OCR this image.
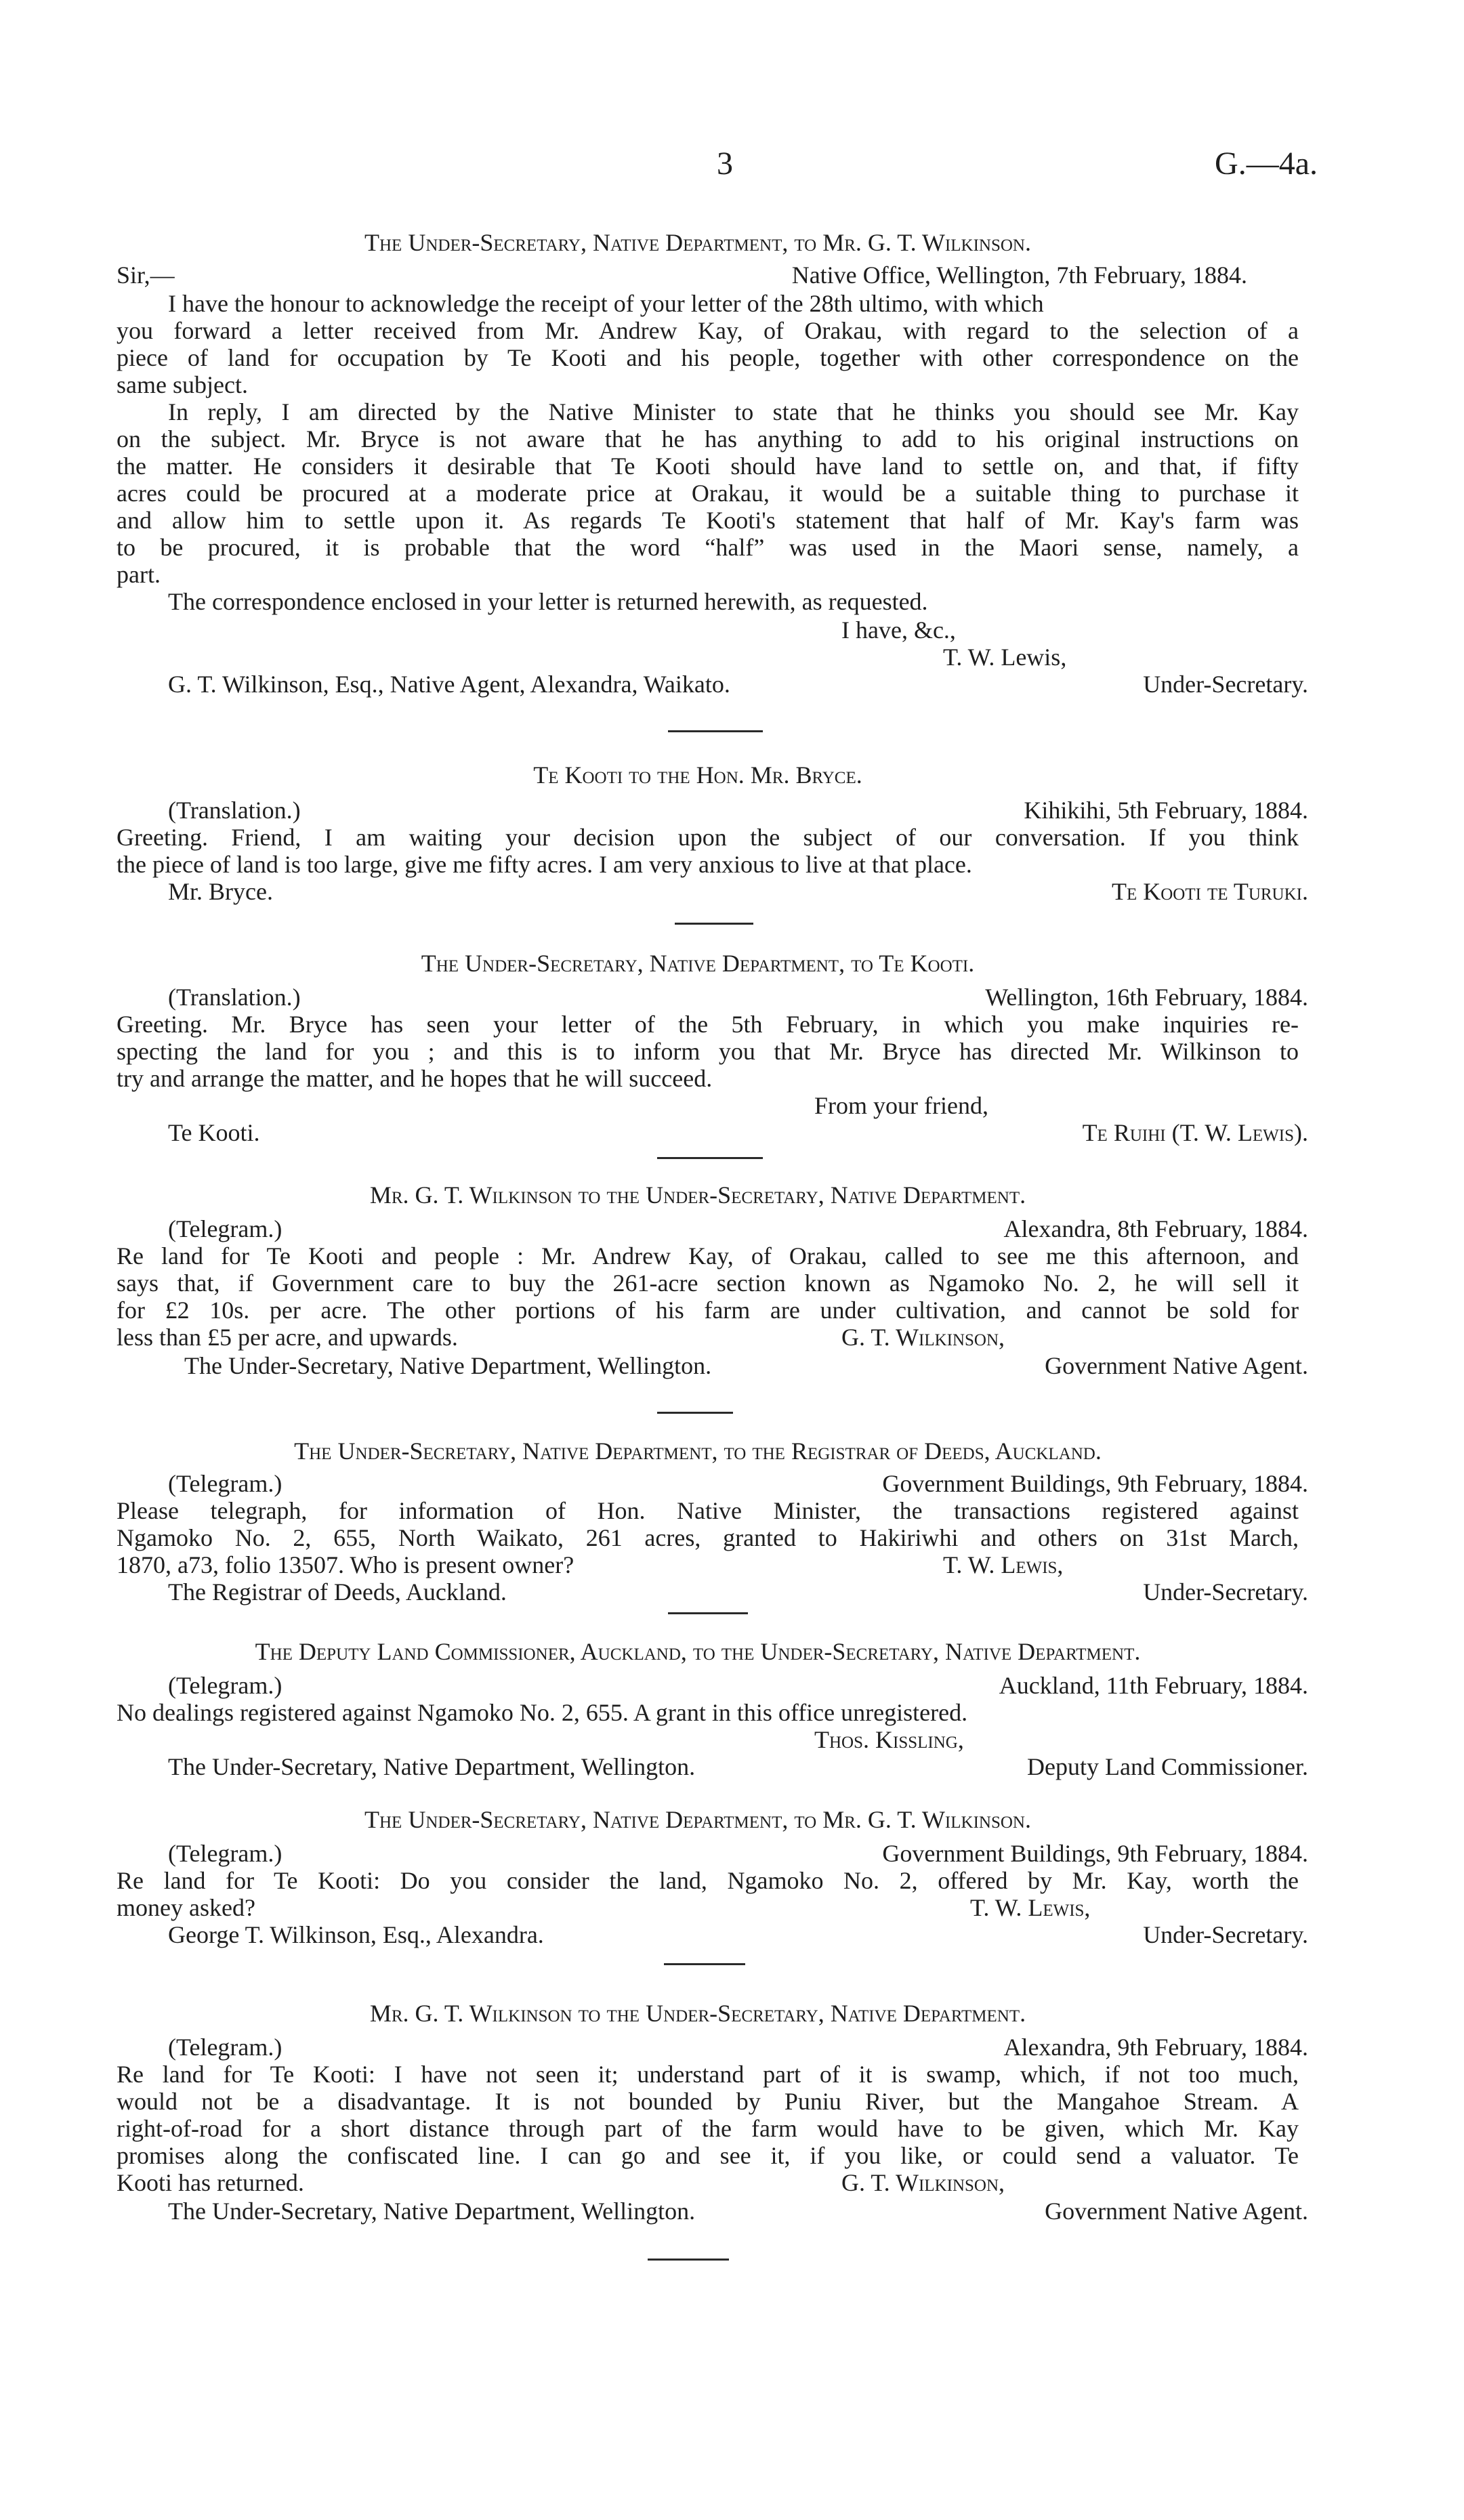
3	G.—4a.
The Under-Secretary, Native Department, to Mr. G. T. Wilkinson.
Sir,—	Native Office, Wellington, 7th February, 1884.
I have the honour to acknowledge the receipt of your letter of the 28th ultimo, with which
you forward a letter received from Mr. Andrew Kay, of Orakau, with regard to the selection of a
piece of land for occupation by Te Kooti and his people, together with other correspondence on the
same subject.
In reply, I am directed by the Native Minister to state that he thinks you should see Mr. Kay
on the subject. Mr. Bryce is not aware that he has anything to add to his original instructions on
the matter. He considers it desirable that Te Kooti should have land to settle on, and that, if fifty
acres could be procured at a moderate price at Orakau, it would be a suitable thing to purchase it
and allow him to settle upon it. As regards Te Kooti's statement that half of Mr. Kay's farm was
to be procured, it is probable that the word “half” was used in the Maori sense, namely, a
part.
The correspondence enclosed in your letter is returned herewith, as requested.
I have, &c.,
T. W. Lewis,
G. T. Wilkinson, Esq., Native Agent, Alexandra, Waikato.	Under-Secretary.
Te Kooti to the Hon. Mr. Bryce.
(Translation.)	Kihikihi, 5th February, 1884.
Greeting. Friend, I am waiting your decision upon the subject of our conversation. If you think
the piece of land is too large, give me fifty acres. I am very anxious to live at that place.
Mr. Bryce.	Te Kooti te Turuki.
The Under-Secretary, Native Department, to Te Kooti.
(Translation.)	Wellington, 16th February, 1884.
Greeting. Mr. Bryce has seen your letter of the 5th February, in which you make inquiries re-
specting the land for you ; and this is to inform you that Mr. Bryce has directed Mr. Wilkinson to
try and arrange the matter, and he hopes that he will succeed.
From your friend,
Te Kooti.	Te Ruihi (T. W. Lewis).
Mr. G. T. Wilkinson to the Under-Secretary, Native Department.
(Telegram.)	Alexandra, 8th February, 1884.
Re land for Te Kooti and people : Mr. Andrew Kay, of Orakau, called to see me this afternoon, and
says that, if Government care to buy the 261-acre section known as Ngamoko No. 2, he will sell it
for £2 10s. per acre. The other portions of his farm are under cultivation, and cannot be sold for
less than £5 per acre, and upwards.	G. T. Wilkinson,
The Under-Secretary, Native Department, Wellington.	Government Native Agent.
The Under-Secretary, Native Department, to the Registrar of Deeds, Auckland.
(Telegram.)	Government Buildings, 9th February, 1884.
Please telegraph, for information of Hon. Native Minister, the transactions registered against
Ngamoko No. 2, 655, North Waikato, 261 acres, granted to Hakiriwhi and others on 31st March,
1870, a73, folio 13507. Who is present owner?	T. W. Lewis,
The Registrar of Deeds, Auckland.	Under-Secretary.
The Deputy Land Commissioner, Auckland, to the Under-Secretary, Native Department.
(Telegram.)	Auckland, 11th February, 1884.
No dealings registered against Ngamoko No. 2, 655. A grant in this office unregistered.
Thos. Kissling,
The Under-Secretary, Native Department, Wellington.	Deputy Land Commissioner.
The Under-Secretary, Native Department, to Mr. G. T. Wilkinson.
(Telegram.)	Government Buildings, 9th February, 1884.
Re land for Te Kooti: Do you consider the land, Ngamoko No. 2, offered by Mr. Kay, worth the
money asked?	T. W. Lewis,
George T. Wilkinson, Esq., Alexandra.	Under-Secretary.
Mr. G. T. Wilkinson to the Under-Secretary, Native Department.
(Telegram.)	Alexandra, 9th February, 1884.
Re land for Te Kooti: I have not seen it; understand part of it is swamp, which, if not too much,
would not be a disadvantage. It is not bounded by Puniu River, but the Mangahoe Stream. A
right-of-road for a short distance through part of the farm would have to be given, which Mr. Kay
promises along the confiscated line. I can go and see it, if you like, or could send a valuator. Te
Kooti has returned.	G. T. Wilkinson,
The Under-Secretary, Native Department, Wellington.	Government Native Agent.
